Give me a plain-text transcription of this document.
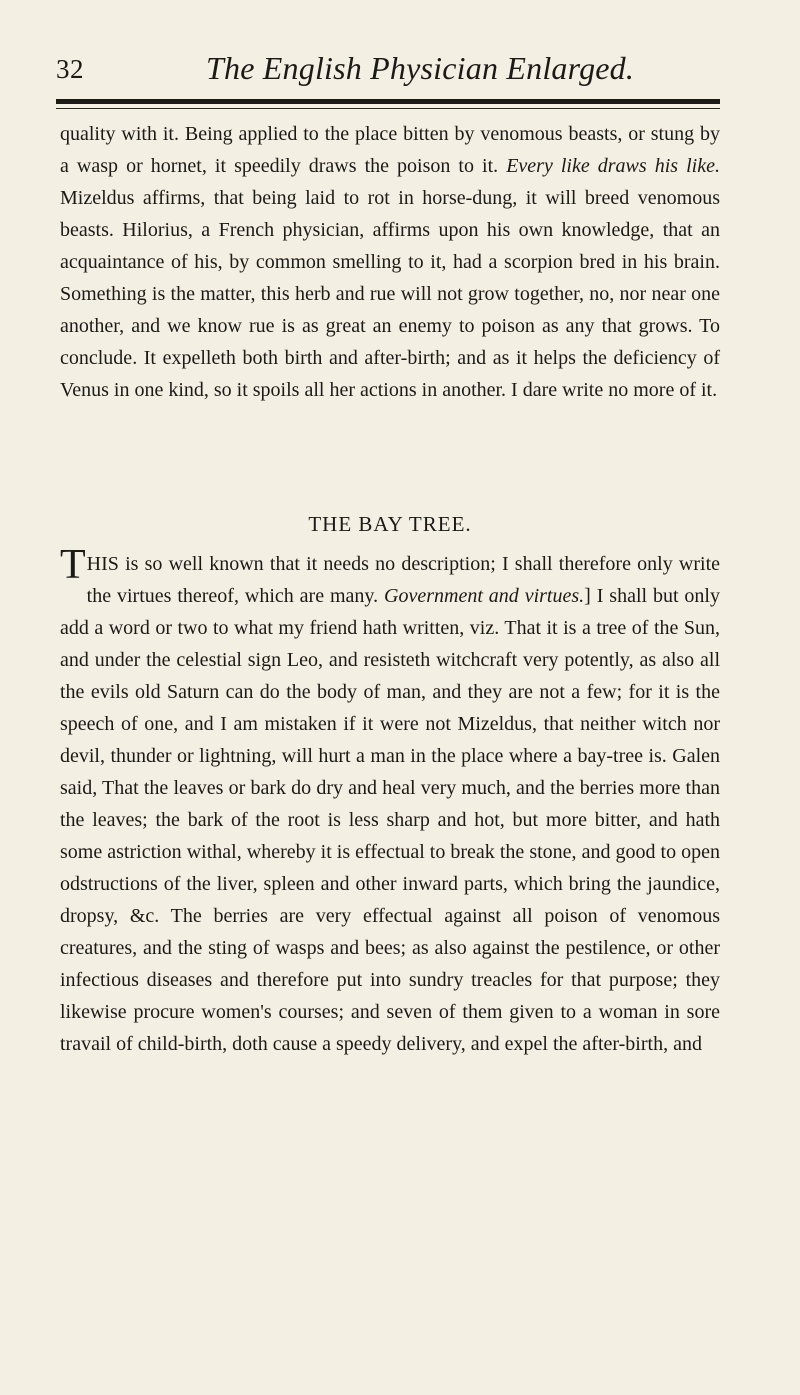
32	The English Physician Enlarged.

quality with it. Being applied to the place bitten by venomous beasts, or stung by a wasp or hornet, it speedily draws the poison to it. Every like draws his like. Mizeldus affirms, that being laid to rot in horse-dung, it will breed venomous beasts. Hilorius, a French physician, affirms upon his own knowledge, that an acquaintance of his, by common smelling to it, had a scorpion bred in his brain. Something is the matter, this herb and rue will not grow together, no, nor near one another, and we know rue is as great an enemy to poison as any that grows. To conclude. It expelleth both birth and after-birth; and as it helps the deficiency of Venus in one kind, so it spoils all her actions in another. I dare write no more of it.

THE BAY TREE.

THIS is so well known that it needs no description; I shall therefore only write the virtues thereof, which are many. Government and virtues.] I shall but only add a word or two to what my friend hath written, viz. That it is a tree of the Sun, and under the celestial sign Leo, and resisteth witchcraft very potently, as also all the evils old Saturn can do the body of man, and they are not a few; for it is the speech of one, and I am mistaken if it were not Mizeldus, that neither witch nor devil, thunder or lightning, will hurt a man in the place where a bay-tree is. Galen said, That the leaves or bark do dry and heal very much, and the berries more than the leaves; the bark of the root is less sharp and hot, but more bitter, and hath some astriction withal, whereby it is effectual to break the stone, and good to open odstructions of the liver, spleen and other inward parts, which bring the jaundice, dropsy, &c. The berries are very effectual against all poison of venomous creatures, and the sting of wasps and bees; as also against the pestilence, or other infectious diseases and therefore put into sundry treacles for that purpose; they likewise procure women's courses; and seven of them given to a woman in sore travail of child-birth, doth cause a speedy delivery, and expel the after-birth, and
